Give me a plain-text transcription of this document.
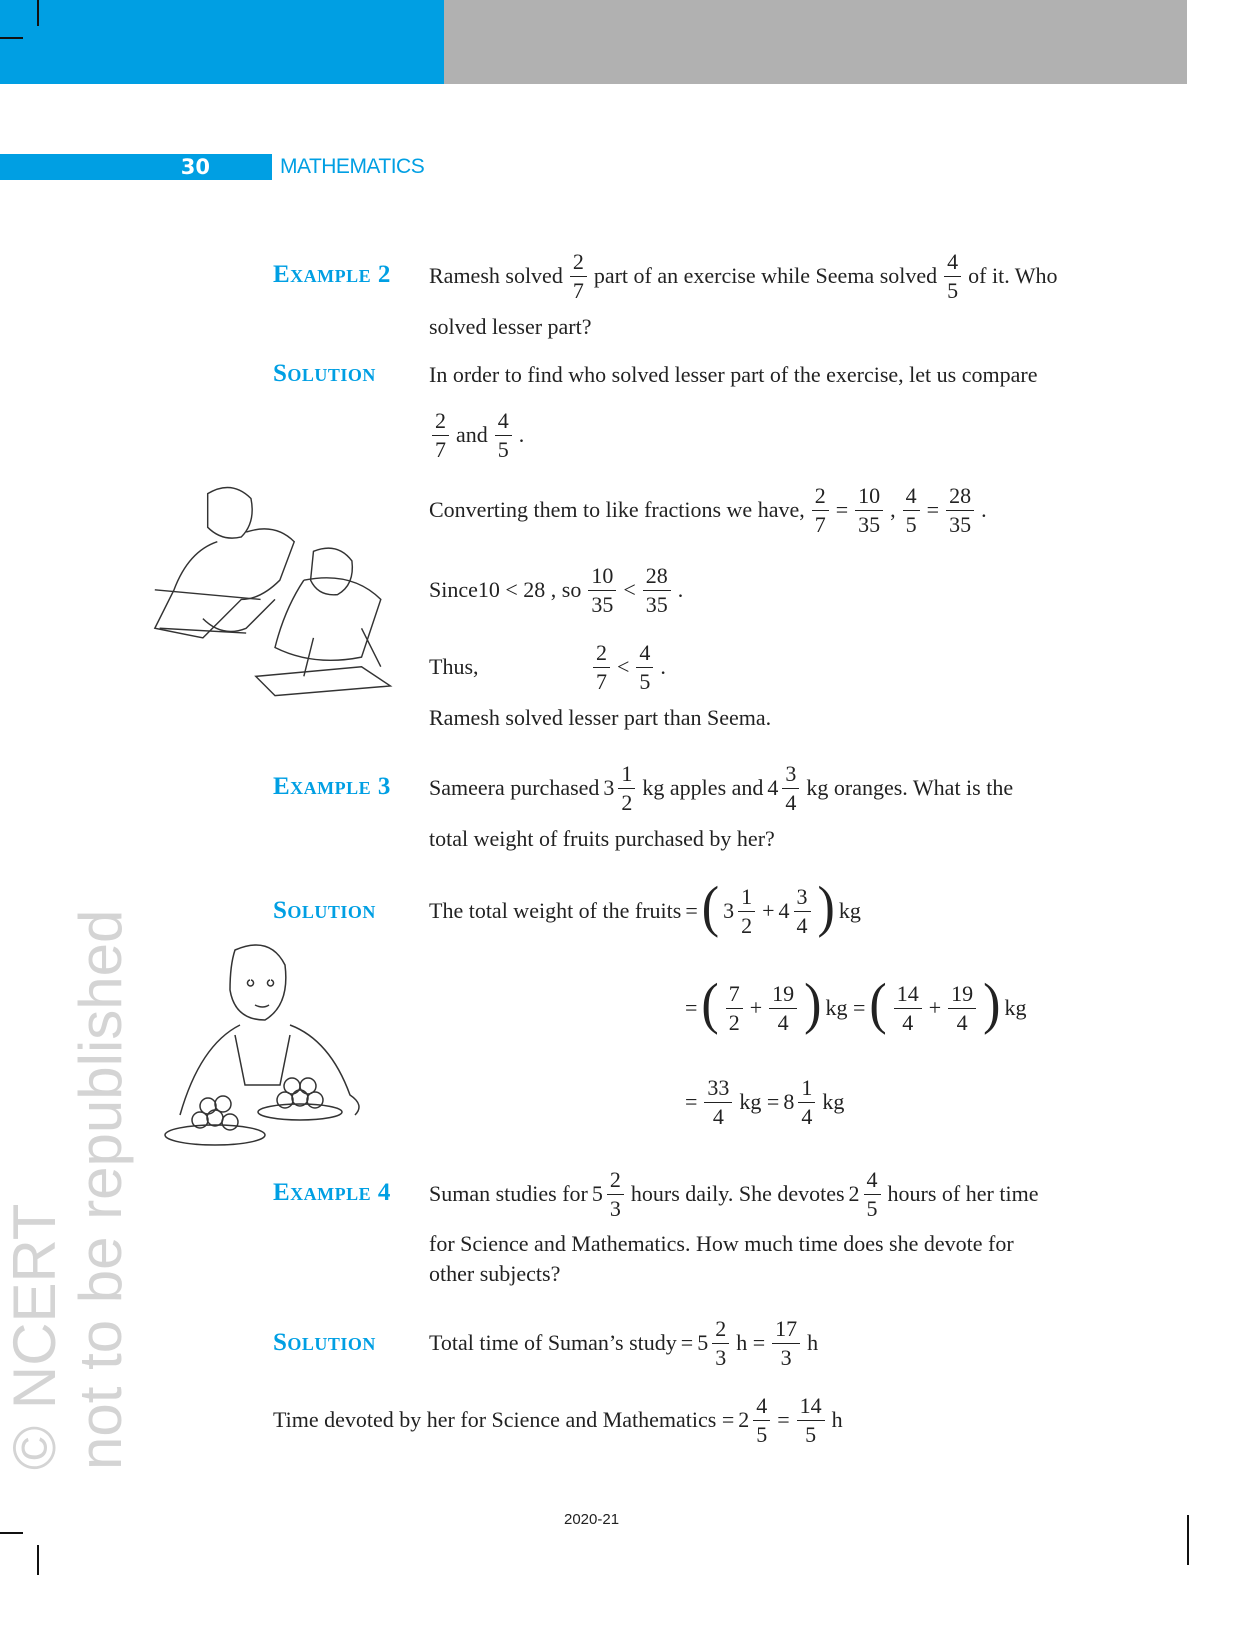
30	MATHEMATICS
© NCERT not to be republished
Example 2 Ramesh solved $\frac{2}{7}$ part of an exercise while Seema solved $\frac{4}{5}$ of it. Who
solved lesser part?
Solution In order to find who solved lesser part of the exercise, let us compare
$\frac{2}{7}$ and $\frac{4}{5}$ .
Converting them to like fractions we have, $\frac{2}{7} = \frac{10}{35}$ , $\frac{4}{5} = \frac{28}{35}$ .
Since10 < 28 , so $\frac{10}{35} < \frac{28}{35}$ .
Thus,	$\frac{2}{7} < \frac{4}{5}$ .
Ramesh solved lesser part than Seema.
Example 3 Sameera purchased $3 \frac{1}{2}$ kg apples and $4 \frac{3}{4}$ kg oranges. What is the
total weight of fruits purchased by her?
Solution The total weight of the fruits = ( $3 \frac{1}{2} + 4 \frac{3}{4}$ ) kg
= ( $\frac{7}{2} + \frac{19}{4}$ ) kg = ( $\frac{14}{4} + \frac{19}{4}$ ) kg
= $\frac{33}{4}$ kg = $8 \frac{1}{4}$ kg
Example 4 Suman studies for $5 \frac{2}{3}$ hours daily. She devotes $2 \frac{4}{5}$ hours of her time
for Science and Mathematics. How much time does she devote for
other subjects?
Solution Total time of Suman’s study = $5 \frac{2}{3}$ $h = \frac{17}{3}$ h
Time devoted by her for Science and Mathematics = $2 \frac{4}{5} = \frac{14}{5}$ h
2020-21
